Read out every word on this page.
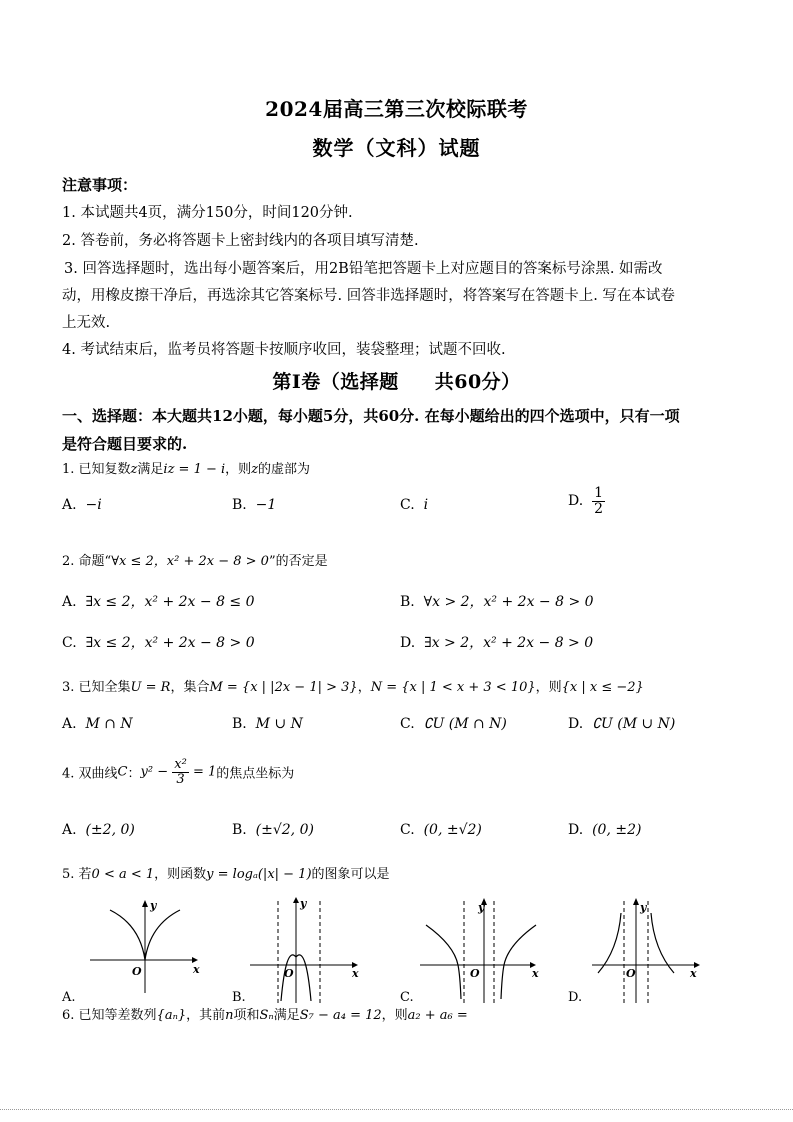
2024届高三第三次校际联考
数学（文科）试题
注意事项：
1. 本试题共4页，满分150分，时间120分钟.
2. 答卷前，务必将答题卡上密封线内的各项目填写清楚.
3. 回答选择题时，选出每小题答案后，用2B铅笔把答题卡上对应题目的答案标号涂黑. 如需改
动，用橡皮擦干净后，再选涂其它答案标号. 回答非选择题时，将答案写在答题卡上. 写在本试卷
上无效.
4. 考试结束后，监考员将答题卡按顺序收回，装袋整理；试题不回收.
第Ⅰ卷（选择题 共60分）
一、选择题：本大题共12小题，每小题5分，共60分. 在每小题给出的四个选项中，只有一项
是符合题目要求的.
1. 已知复数z满足iz = 1 − i，则z的虚部为
A. −i	B. −1	C. i	D. $\frac{1}{2}$
2. 命题“∀x ≤ 2，x² + 2x − 8 > 0”的否定是
A. ∃x ≤ 2，x² + 2x − 8 ≤ 0	B. ∀x > 2，x² + 2x − 8 > 0
C. ∃x ≤ 2，x² + 2x − 8 > 0	D. ∃x > 2，x² + 2x − 8 > 0
3. 已知全集U = R，集合M = {x | |2x − 1| > 3}，N = {x | 1 < x + 3 < 10}，则{x | x ≤ −2}
A. M ∩ N	B. M ∪ N	C. ∁U (M ∩ N)	D. ∁U (M ∪ N)
4. 双曲线C：$y^2 - \frac{\text{x²}}{3} = 1$的焦点坐标为
A. (±2, 0)	B. (±√2, 0)	C. (0, ±√2)	D. (0, ±2)
5. 若0 < a < 1，则函数y = logₐ(|x| − 1)的图象可以是
y
x
O
A.
y
x
O
B.
y
x
O
C.
y
x
O
D.
6. 已知等差数列{aₙ}，其前n项和Sₙ满足S₇ − a₄ = 12，则a₂ + a₆ =
